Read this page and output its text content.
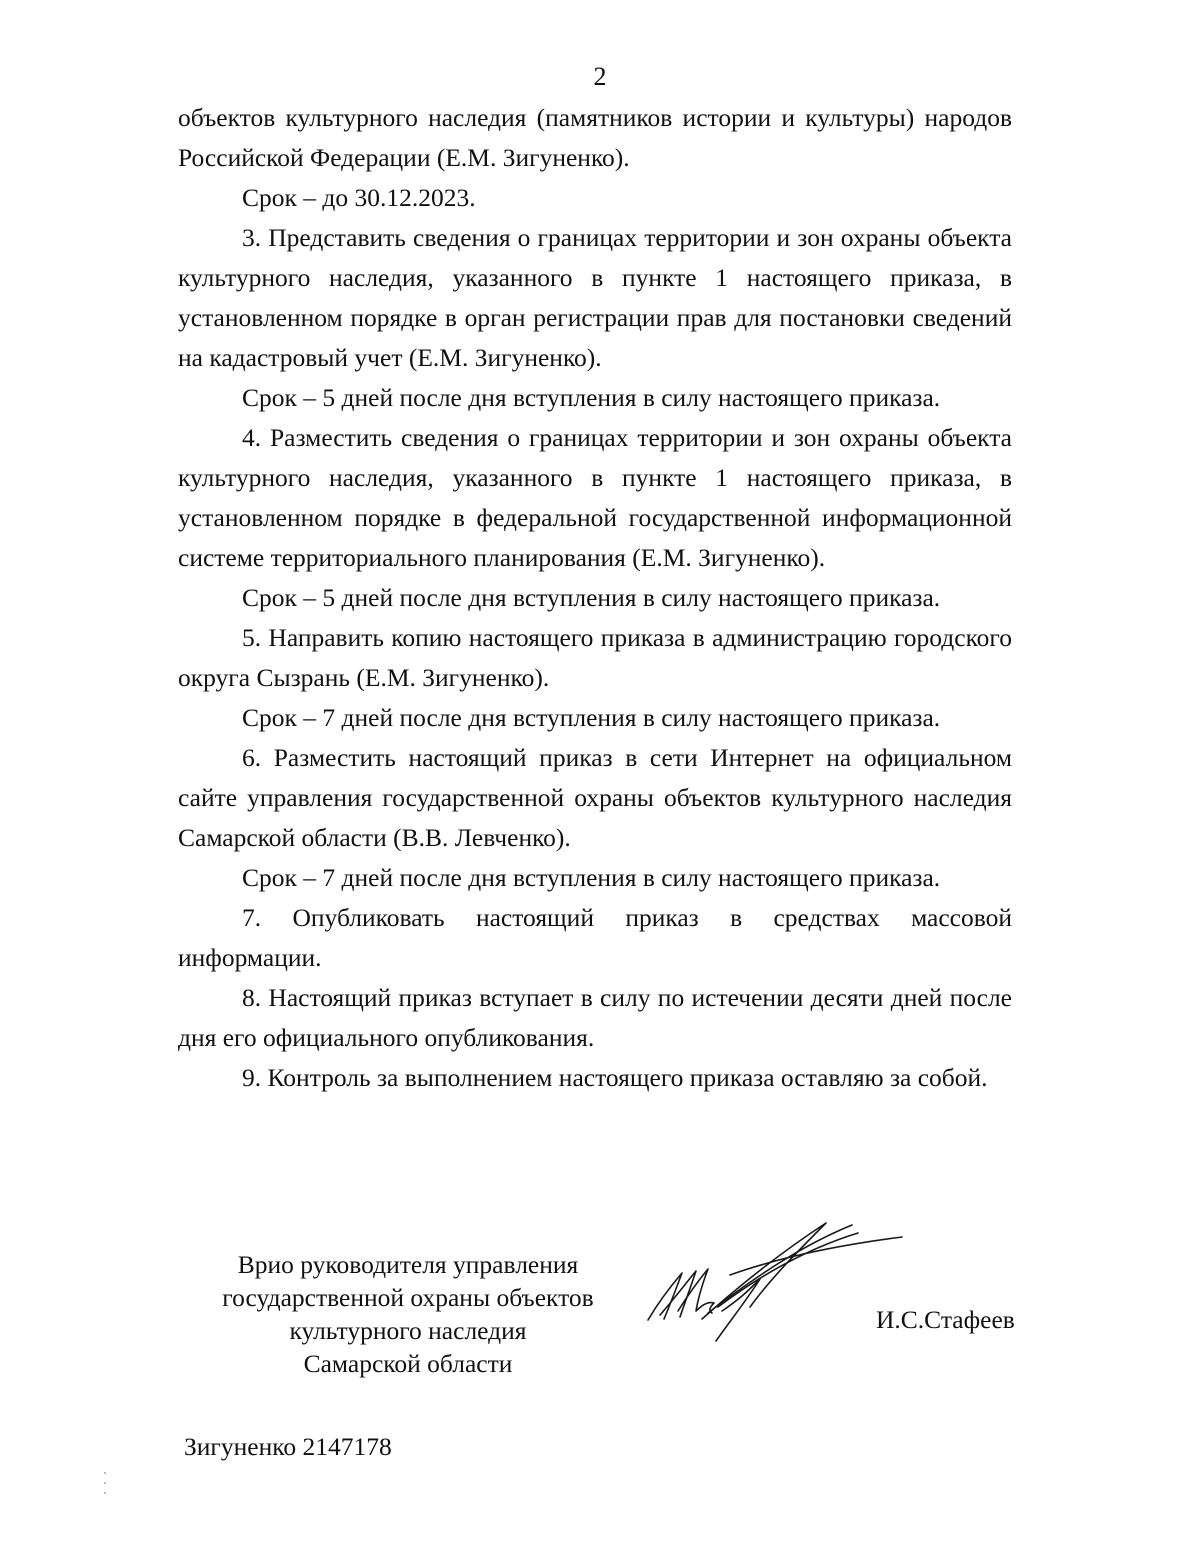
2

объектов культурного наследия (памятников истории и культуры) народов Российской Федерации (Е.М. Зигуненко).

Срок – до 30.12.2023.

3. Представить сведения о границах территории и зон охраны объекта культурного наследия, указанного в пункте 1 настоящего приказа, в установленном порядке в орган регистрации прав для постановки сведений на кадастровый учет (Е.М. Зигуненко).

Срок – 5 дней после дня вступления в силу настоящего приказа.

4. Разместить сведения о границах территории и зон охраны объекта культурного наследия, указанного в пункте 1 настоящего приказа, в установленном порядке в федеральной государственной информационной системе территориального планирования (Е.М. Зигуненко).

Срок – 5 дней после дня вступления в силу настоящего приказа.

5. Направить копию настоящего приказа в администрацию городского округа Сызрань (Е.М. Зигуненко).

Срок – 7 дней после дня вступления в силу настоящего приказа.

6. Разместить настоящий приказ в сети Интернет на официальном сайте управления государственной охраны объектов культурного наследия Самарской области (В.В. Левченко).

Срок – 7 дней после дня вступления в силу настоящего приказа.

7. Опубликовать настоящий приказ в средствах массовой информации.

8. Настоящий приказ вступает в силу по истечении десяти дней после дня его официального опубликования.

9. Контроль за выполнением настоящего приказа оставляю за собой.

Врио руководителя управления
государственной охраны объектов
культурного наследия
Самарской области
И.С.Стафеев
Зигуненко 2147178
